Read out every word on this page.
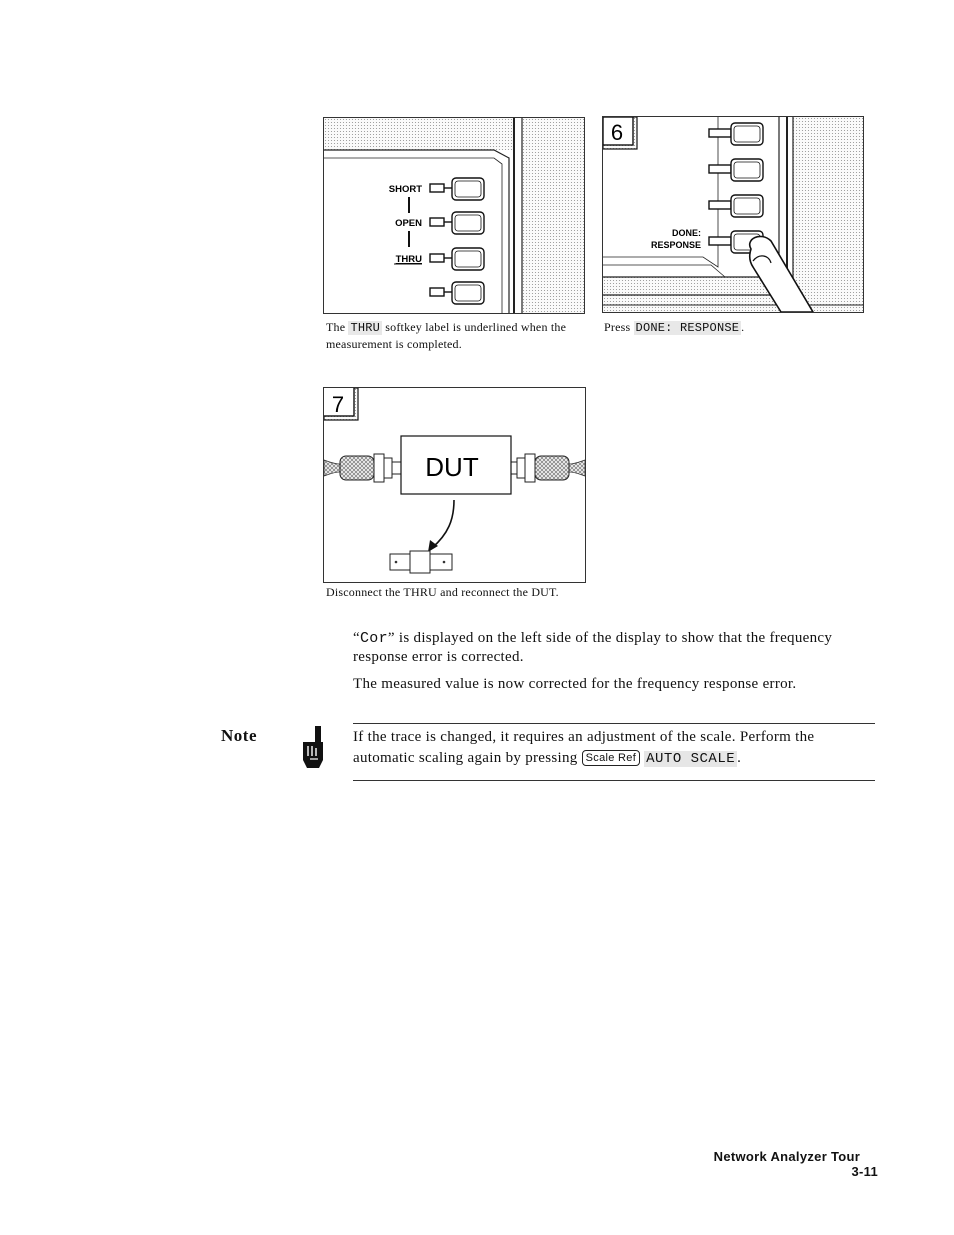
SHORT
OPEN
THRU
The THRU softkey label is underlined when the measurement is completed.
6
DONE:
RESPONSE
Press DONE: RESPONSE .
DUT
7
Disconnect the THRU and reconnect the DUT.
“Cor” is displayed on the left side of the display to show that the frequency response error is corrected.
The measured value is now corrected for the frequency response error.
Note	If the trace is changed, it requires an adjustment of the scale. Perform the automatic scaling again by pressing Scale Ref AUTO SCALE .
Network Analyzer Tour  3-11
